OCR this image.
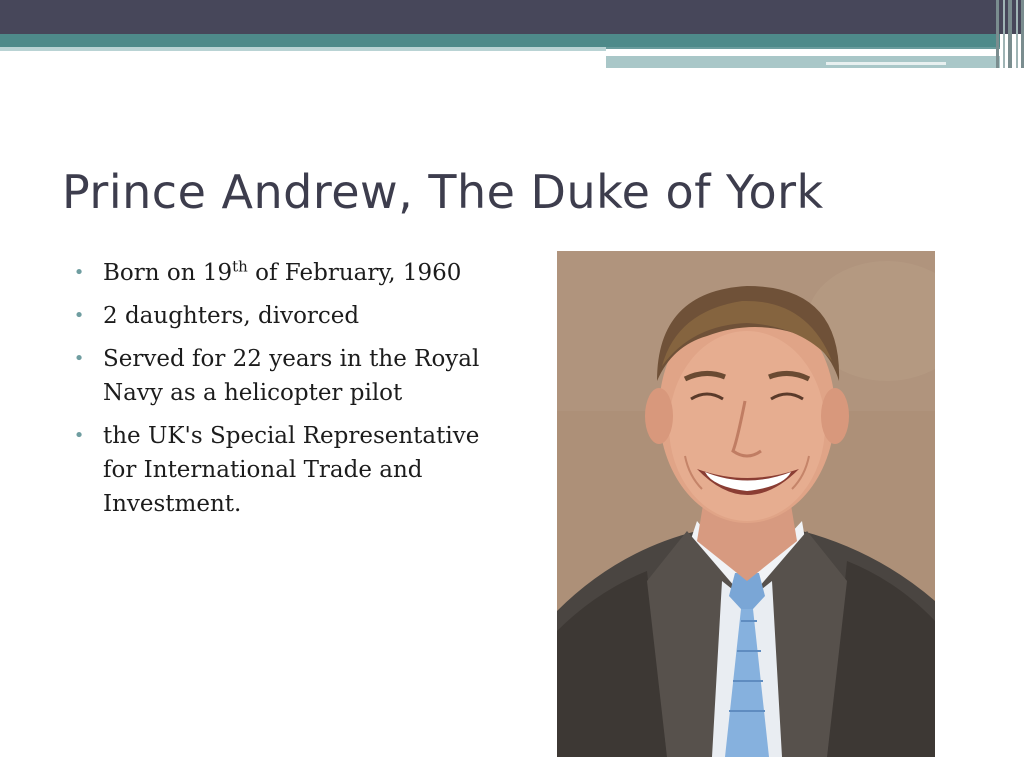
Prince Andrew, The Duke of York
• Born on 19th of February, 1960
• 2 daughters, divorced
• Served for 22 years in the Royal Navy as a helicopter pilot
• the UK's Special Representative for International Trade and Investment.
